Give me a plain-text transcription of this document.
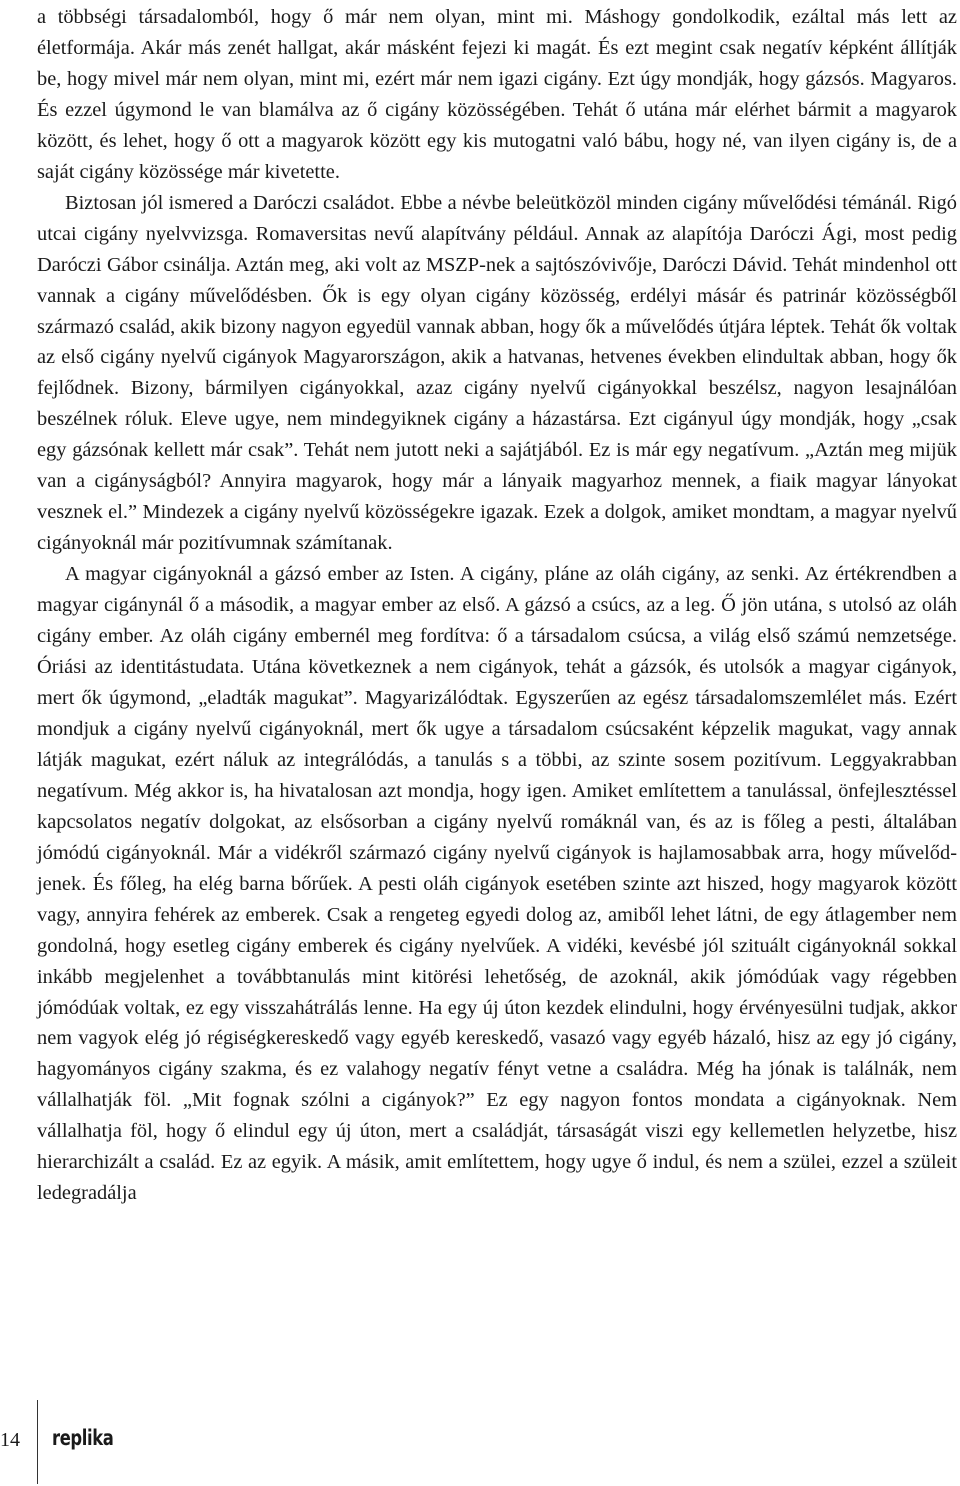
a többségi társadalomból, hogy ő már nem olyan, mint mi. Máshogy gondolkodik, ezáltal más lett az életformája. Akár más zenét hallgat, akár másként fejezi ki magát. És ezt megint csak negatív képként állítják be, hogy mivel már nem olyan, mint mi, ezért már nem igazi cigány. Ezt úgy mondják, hogy gázsós. Magyaros. És ezzel úgymond le van blamálva az ő cigány közösségében. Tehát ő utána már elérhet bármit a magyarok között, és lehet, hogy ő ott a magyarok között egy kis mutogatni való bábu, hogy né, van ilyen cigány is, de a saját cigány közössége már kivetette.

Biztosan jól ismered a Daróczi családot. Ebbe a névbe beleütközöl minden cigány művelődési témánál. Rigó utcai cigány nyelvvizsga. Romaversitas nevű alapítvány például. Annak az alapítója Daróczi Ági, most pedig Daróczi Gábor csinálja. Aztán meg, aki volt az MSZP-nek a sajtószóvivője, Daróczi Dávid. Tehát mindenhol ott vannak a cigány művelődésben. Ők is egy olyan cigány közösség, erdélyi másár és patrinár közösségből származó család, akik bizony nagyon egyedül vannak abban, hogy ők a művelődés útjára léptek. Tehát ők voltak az első cigány nyelvű cigányok Magyarországon, akik a hatvanas, hetvenes években elindultak abban, hogy ők fejlődnek. Bizony, bármilyen cigányokkal, azaz cigány nyelvű cigányokkal beszélsz, nagyon lesajnálóan beszélnek róluk. Eleve ugye, nem mindegyiknek cigány a házastársa. Ezt cigányul úgy mondják, hogy „csak egy gázsónak kellett már csak”. Tehát nem jutott neki a sajátjából. Ez is már egy negatívum. „Aztán meg mijük van a cigányságból? Annyira magyarok, hogy már a lányaik magyarhoz mennek, a fiaik magyar lányokat vesznek el.” Mindezek a cigány nyelvű közösségekre igazak. Ezek a dolgok, amiket mondtam, a magyar nyelvű cigányoknál már pozitívumnak számítanak.

A magyar cigányoknál a gázsó ember az Isten. A cigány, pláne az oláh cigány, az senki. Az értékrendben a magyar cigánynál ő a második, a magyar ember az első. A gázsó a csúcs, az a leg. Ő jön utána, s utolsó az oláh cigány ember. Az oláh cigány embernél meg fordítva: ő a társadalom csúcsa, a világ első számú nemzetsége. Óriási az identitástudata. Utána következnek a nem cigányok, tehát a gázsók, és utolsók a magyar cigányok, mert ők úgymond, „eladták magukat”. Magyarizálódtak. Egyszerűen az egész társadalomszemlélet más. Ezért mondjuk a cigány nyelvű cigányoknál, mert ők ugye a társadalom csúcsaként képzelik magukat, vagy annak látják magukat, ezért náluk az integrálódás, a tanulás s a többi, az szinte sosem pozitívum. Leggyakrabban negatívum. Még akkor is, ha hivatalosan azt mondja, hogy igen. Amiket említettem a tanulással, önfejlesztéssel kapcsolatos negatív dolgokat, az elsősorban a cigány nyelvű romáknál van, és az is főleg a pesti, általában jómódú cigányoknál. Már a vidékről származó cigány nyelvű cigányok is hajlamosabbak arra, hogy művelődjenek. És főleg, ha elég barna bőrűek. A pesti oláh cigányok esetében szinte azt hiszed, hogy magyarok között vagy, annyira fehérek az emberek. Csak a rengeteg egyedi dolog az, amiből lehet látni, de egy átlagember nem gondolná, hogy esetleg cigány emberek és cigány nyelvűek. A vidéki, kevésbé jól szituált cigányoknál sokkal inkább megjelenhet a továbbtanulás mint kitörési lehetőség, de azoknál, akik jómódúak vagy régebben jómódúak voltak, ez egy visszahátrálás lenne. Ha egy új úton kezdek elindulni, hogy érvényesülni tudjak, akkor nem vagyok elég jó régiségkereskedő vagy egyéb kereskedő, vasazó vagy egyéb házaló, hisz az egy jó cigány, hagyományos cigány szakma, és ez valahogy negatív fényt vetne a családra. Még ha jónak is találnák, nem vállalhatják föl. „Mit fognak szólni a cigányok?” Ez egy nagyon fontos mondata a cigányoknak. Nem vállalhatja föl, hogy ő elindul egy új úton, mert a családját, társaságát viszi egy kellemetlen helyzetbe, hisz hierarchizált a család. Ez az egyik. A másik, amit említettem, hogy ugye ő indul, és nem a szülei, ezzel a szüleit ledegradálja

14 replika
